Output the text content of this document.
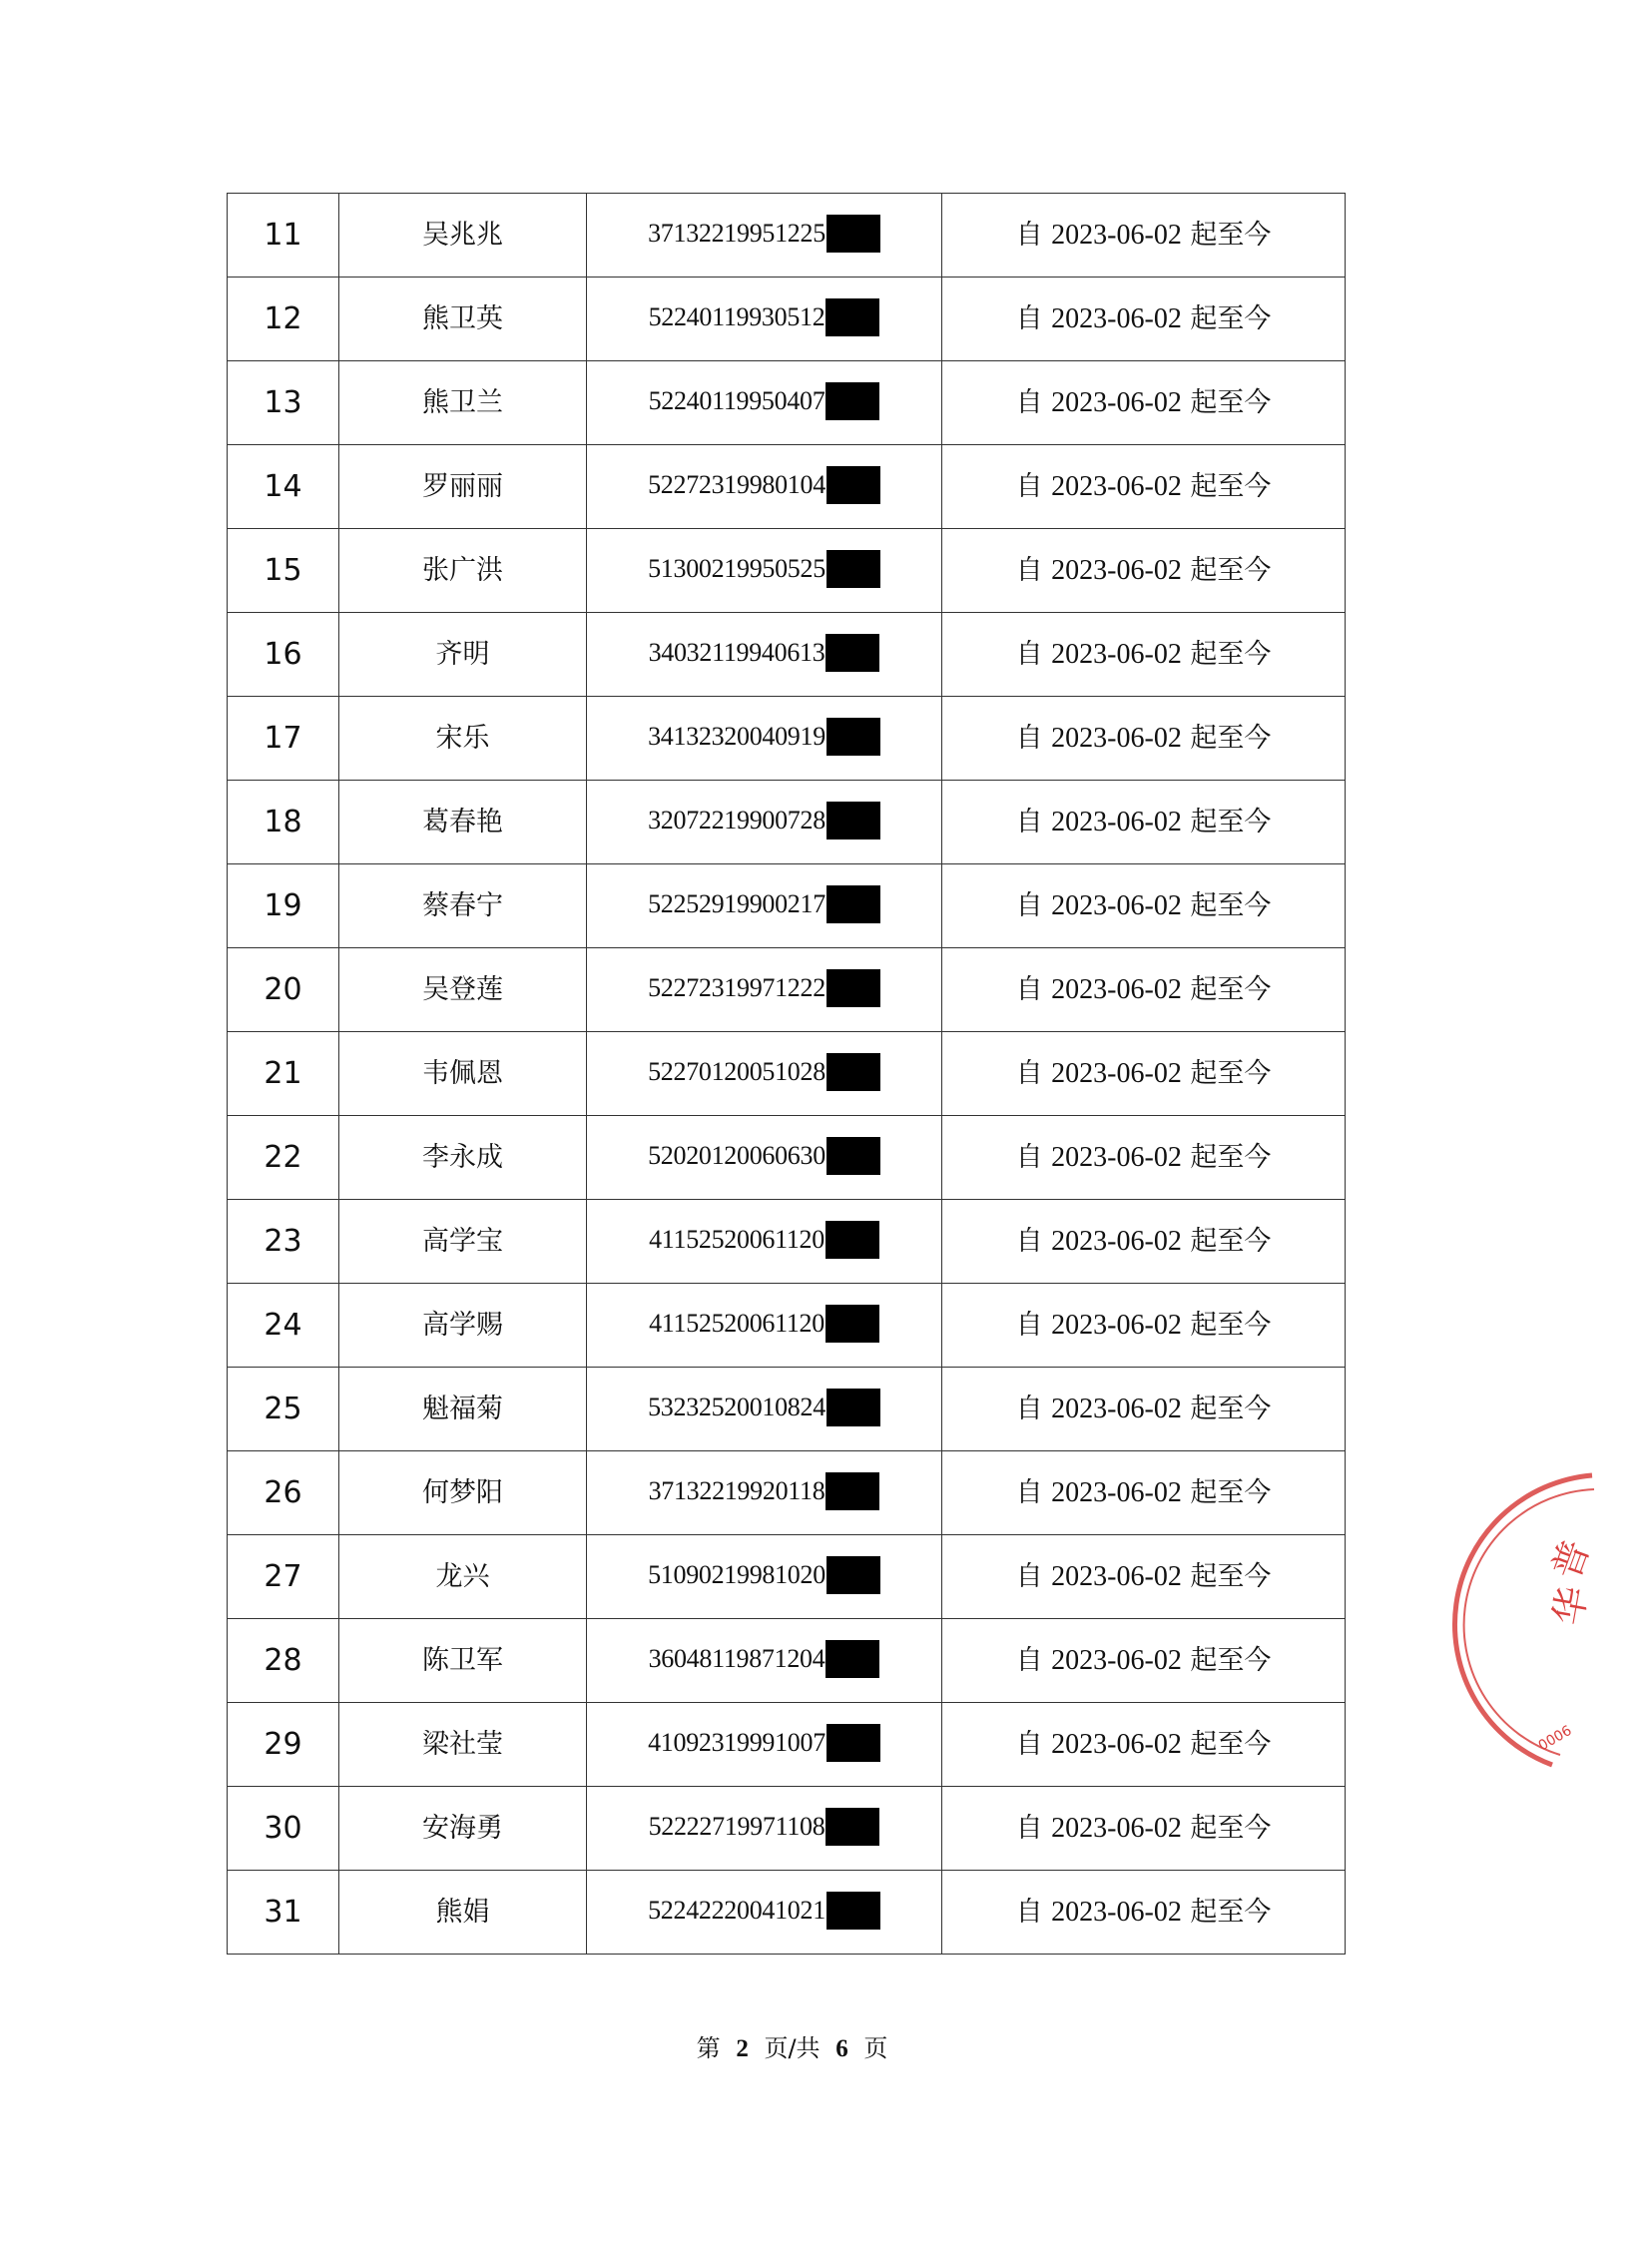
11	吴兆兆	37132219951225	自 2023-06-02 起至今
12	熊卫英	52240119930512	自 2023-06-02 起至今
13	熊卫兰	52240119950407	自 2023-06-02 起至今
14	罗丽丽	52272319980104	自 2023-06-02 起至今
15	张广洪	51300219950525	自 2023-06-02 起至今
16	齐明	34032119940613	自 2023-06-02 起至今
17	宋乐	34132320040919	自 2023-06-02 起至今
18	葛春艳	32072219900728	自 2023-06-02 起至今
19	蔡春宁	52252919900217	自 2023-06-02 起至今
20	吴登莲	52272319971222	自 2023-06-02 起至今
21	韦佩恩	52270120051028	自 2023-06-02 起至今
22	李永成	52020120060630	自 2023-06-02 起至今
23	高学宝	41152520061120	自 2023-06-02 起至今
24	高学赐	41152520061120	自 2023-06-02 起至今
25	魁福菊	53232520010824	自 2023-06-02 起至今
26	何梦阳	37132219920118	自 2023-06-02 起至今
27	龙兴	51090219981020	自 2023-06-02 起至今
28	陈卫军	36048119871204	自 2023-06-02 起至今
29	梁社莹	41092319991007	自 2023-06-02 起至今
30	安海勇	52222719971108	自 2023-06-02 起至今
31	熊娟	52242220041021	自 2023-06-02 起至今
第 2 页/共 6 页
普
华
0006
